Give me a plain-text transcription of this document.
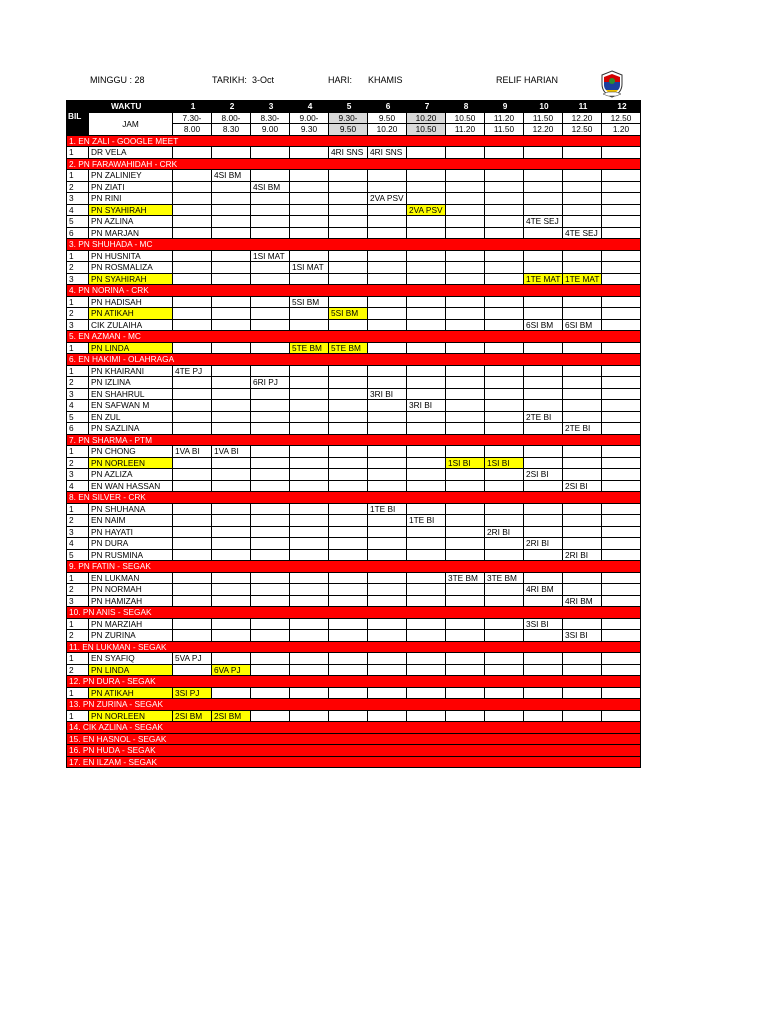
MINGGU : 28	TARIKH: 3-Oct	HARI: KHAMIS	RELIF HARIAN
BIL	WAKTU	1	2	3	4	5	6	7	8	9	10	11	12
	JAM	7.30-	8.00-	8.30-	9.00-	9.30-	9.50	10.20	10.50	11.20	11.50	12.20	12.50
		8.00	8.30	9.00	9.30	9.50	10.20	10.50	11.20	11.50	12.20	12.50	1.20
1. EN ZALI - GOOGLE MEET													
1	DR VELA					4RI SNS	4RI SNS						
2. PN FARAWAHIDAH - CRK													
1	PN ZALINIEY		4SI BM										
2	PN ZIATI			4SI BM									
3	PN RINI						2VA PSV						
4	PN SYAHIRAH							2VA PSV					
5	PN AZLINA										4TE SEJ		
6	PN MARJAN											4TE SEJ	
3. PN SHUHADA - MC													
1	PN HUSNITA			1SI MAT									
2	PN ROSMALIZA				1SI MAT								
3	PN SYAHIRAH										1TE MAT	1TE MAT	
4. PN NORINA - CRK													
1	PN HADISAH				5SI BM								
2	PN ATIKAH					5SI BM							
3	CIK ZULAIHA										6SI BM	6SI BM	
5. EN AZMAN - MC													
1	PN LINDA				5TE BM	5TE BM							
6. EN HAKIMI - OLAHRAGA													
1	PN KHAIRANI	4TE PJ											
2	PN IZLINA			6RI PJ									
3	EN SHAHRUL						3RI BI						
4	EN SAFWAN M							3RI BI					
5	EN ZUL										2TE BI		
6	PN SAZLINA											2TE BI	
7. PN SHARMA - PTM													
1	PN CHONG	1VA BI	1VA BI										
2	PN NORLEEN								1SI BI	1SI BI			
3	PN AZLIZA										2SI BI		
4	EN WAN HASSAN											2SI BI	
8. EN SILVER - CRK													
1	PN SHUHANA						1TE BI						
2	EN NAIM							1TE BI					
3	PN HAYATI									2RI BI			
4	PN DURA										2RI BI		
5	PN RUSMINA											2RI BI	
9. PN FATIN - SEGAK													
1	EN LUKMAN								3TE BM	3TE BM			
2	PN NORMAH										4RI BM		
3	PN HAMIZAH											4RI BM	
10. PN ANIS - SEGAK													
1	PN MARZIAH										3SI BI		
2	PN ZURINA											3SI BI	
11. EN LUKMAN - SEGAK													
1	EN SYAFIQ	5VA PJ											
2	PN LINDA		6VA PJ										
12. PN DURA - SEGAK													
1	PN ATIKAH	3SI PJ											
13. PN ZURINA - SEGAK													
1	PN NORLEEN	2SI BM	2SI BM										
14. CIK AZLINA - SEGAK													
15. EN HASNOL - SEGAK													
16. PN HUDA - SEGAK													
17. EN ILZAM - SEGAK													
